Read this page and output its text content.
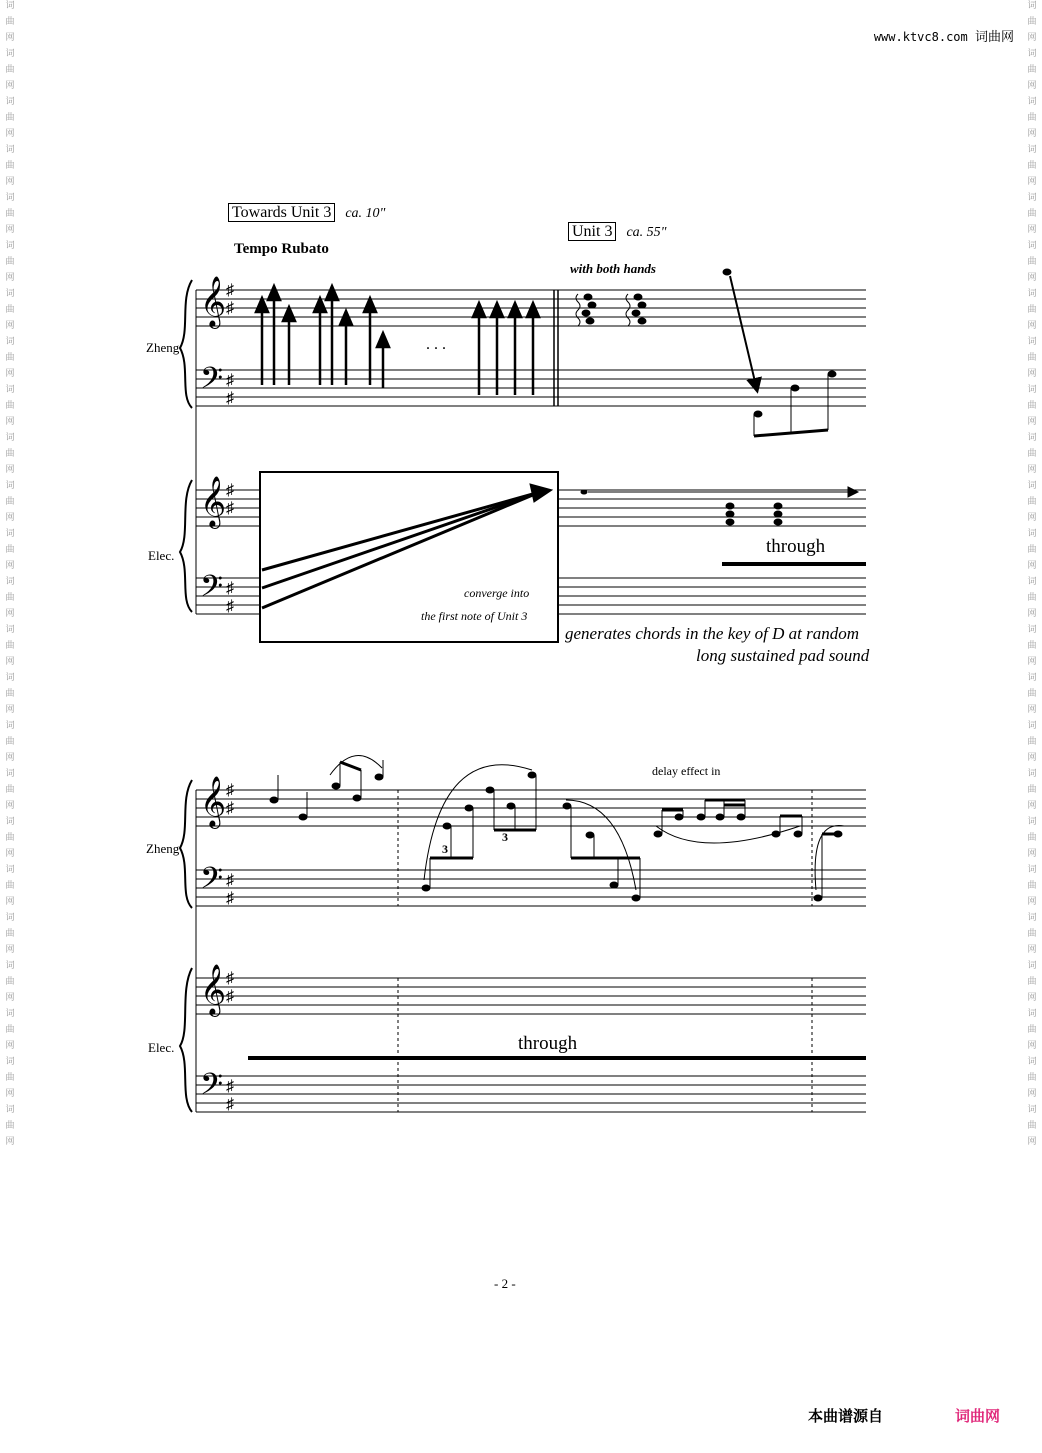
词
曲
网
词
曲
网
词
曲
网
词
曲
网
词
曲
网
词
曲
网
词
曲
网
词
曲
网
词
曲
网
词
曲
网
词
曲
网
词
曲
网
词
曲
网
词
曲
网
词
曲
网
词
曲
网
词
曲
网
词
曲
网
词
曲
网
词
曲
网
词
曲
网
词
曲
网
词
曲
网
词
曲
网
词
曲
网
词
曲
网
词
曲
网
词
曲
网
词
曲
网
词
曲
网
词
曲
网
词
曲
网
词
曲
网
词
曲
网
词
曲
网
词
曲
网
词
曲
网
词
曲
网
词
曲
网
词
曲
网
词
曲
网
词
曲
网
词
曲
网
词
曲
网
词
曲
网
词
曲
网
词
曲
网
词
曲
网
www.ktvc8.com 词曲网
𝄞
𝄢
𝄞
𝄢
𝄞
𝄢
𝄞
𝄢
♯
♯
♯
♯
♯
♯
♯
♯
♯
♯
♯
♯
♯
♯
♯
♯
Towards Unit 3 ca. 10"
Tempo Rubato
Unit 3 ca. 55"
with both hands
Zheng
Elec.
. . .
converge into
the first note of Unit 3
through
generates chords in the key of D at random
long sustained pad sound
Zheng
Elec.
delay effect in
3
3
through
- 2 -
本曲谱源自	词曲网
